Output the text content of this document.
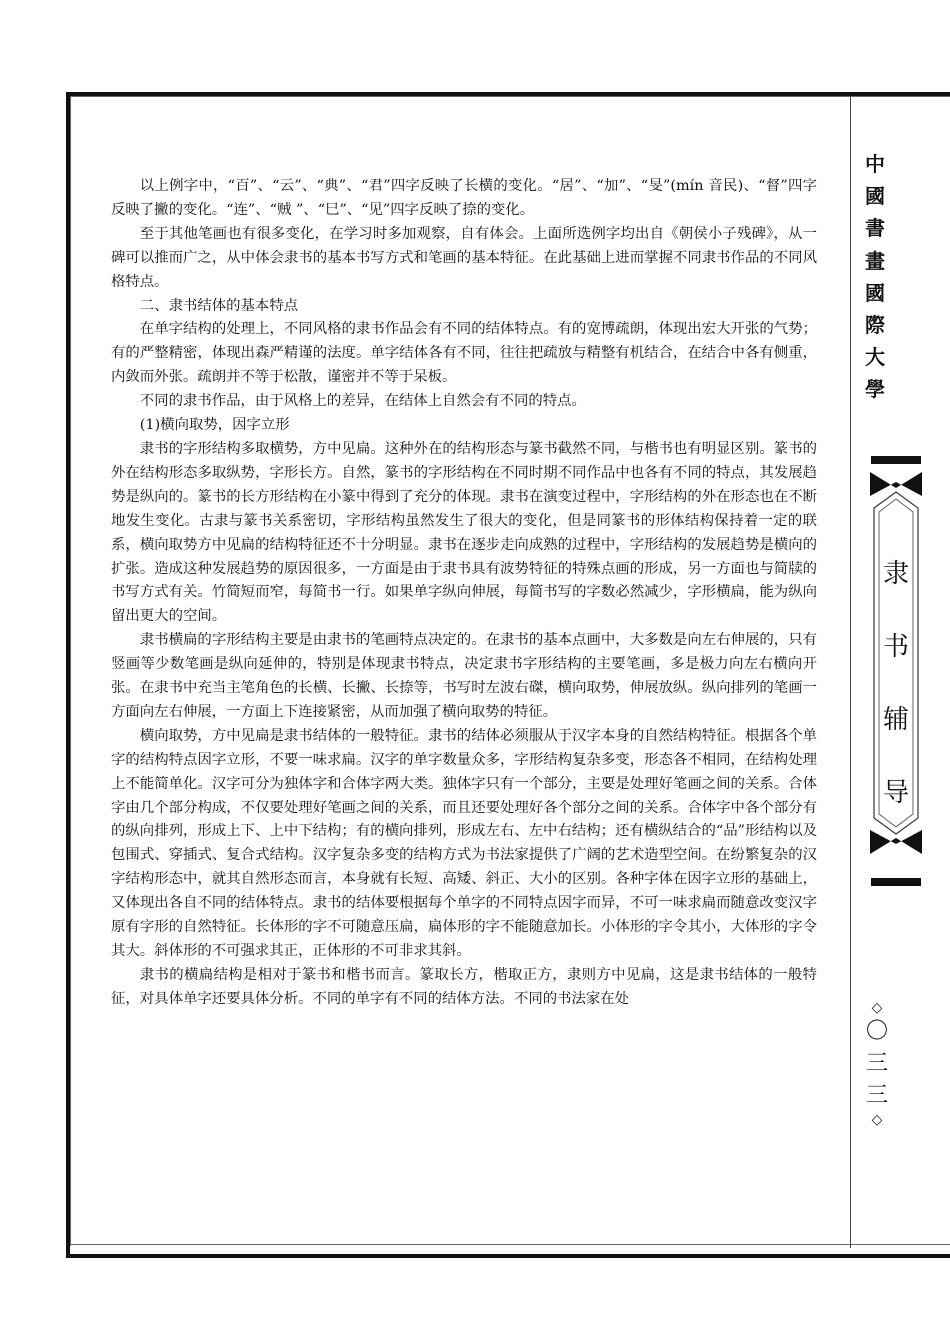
以上例字中，“百”、“云”、“典”、“君”四字反映了长横的变化。“居”、“加”、“旻”(mín 音民)、“督”四字反映了撇的变化。“连”、“贼 ”、“巳”、“见”四字反映了捺的变化。

至于其他笔画也有很多变化，在学习时多加观察，自有体会。上面所选例字均出自《朝侯小子残碑》，从一碑可以推而广之，从中体会隶书的基本书写方式和笔画的基本特征。在此基础上进而掌握不同隶书作品的不同风格特点。

二、隶书结体的基本特点

在单字结构的处理上，不同风格的隶书作品会有不同的结体特点。有的宽博疏朗，体现出宏大开张的气势；有的严整精密，体现出森严精谨的法度。单字结体各有不同，往往把疏放与精整有机结合，在结合中各有侧重，内敛而外张。疏朗并不等于松散，谨密并不等于呆板。

不同的隶书作品，由于风格上的差异，在结体上自然会有不同的特点。

(1)横向取势，因字立形

隶书的字形结构多取横势，方中见扁。这种外在的结构形态与篆书截然不同，与楷书也有明显区别。篆书的外在结构形态多取纵势，字形长方。自然，篆书的字形结构在不同时期不同作品中也各有不同的特点，其发展趋势是纵向的。篆书的长方形结构在小篆中得到了充分的体现。隶书在演变过程中，字形结构的外在形态也在不断地发生变化。古隶与篆书关系密切，字形结构虽然发生了很大的变化，但是同篆书的形体结构保持着一定的联系，横向取势方中见扁的结构特征还不十分明显。隶书在逐步走向成熟的过程中，字形结构的发展趋势是横向的扩张。造成这种发展趋势的原因很多，一方面是由于隶书具有波势特征的特殊点画的形成，另一方面也与简牍的书写方式有关。竹简短而窄，每简书一行。如果单字纵向伸展，每简书写的字数必然减少，字形横扁，能为纵向留出更大的空间。

隶书横扁的字形结构主要是由隶书的笔画特点决定的。在隶书的基本点画中，大多数是向左右伸展的，只有竖画等少数笔画是纵向延伸的，特别是体现隶书特点，决定隶书字形结构的主要笔画，多是极力向左右横向开张。在隶书中充当主笔角色的长横、长撇、长捺等，书写时左波右磔，横向取势，伸展放纵。纵向排列的笔画一方面向左右伸展，一方面上下连接紧密，从而加强了横向取势的特征。

横向取势，方中见扁是隶书结体的一般特征。隶书的结体必须服从于汉字本身的自然结构特征。根据各个单字的结构特点因字立形，不要一味求扁。汉字的单字数量众多，字形结构复杂多变，形态各不相同，在结构处理上不能简单化。汉字可分为独体字和合体字两大类。独体字只有一个部分，主要是处理好笔画之间的关系。合体字由几个部分构成，不仅要处理好笔画之间的关系，而且还要处理好各个部分之间的关系。合体字中各个部分有的纵向排列，形成上下、上中下结构；有的横向排列，形成左右、左中右结构；还有横纵结合的“品”形结构以及包围式、穿插式、复合式结构。汉字复杂多变的结构方式为书法家提供了广阔的艺术造型空间。在纷繁复杂的汉字结构形态中，就其自然形态而言，本身就有长短、高矮、斜正、大小的区别。各种字体在因字立形的基础上，又体现出各自不同的结体特点。隶书的结体要根据每个单字的不同特点因字而异，不可一味求扁而随意改变汉字原有字形的自然特征。长体形的字不可随意压扁，扁体形的字不能随意加长。小体形的字令其小，大体形的字令其大。斜体形的不可强求其正，正体形的不可非求其斜。

隶书的横扁结构是相对于篆书和楷书而言。篆取长方，楷取正方，隶则方中见扁，这是隶书结体的一般特征，对具体单字还要具体分析。不同的单字有不同的结体方法。不同的书法家在处

中
國
書
畫
國
際
大
學
隶
书
辅
导
◇
〇
三
三
◇
